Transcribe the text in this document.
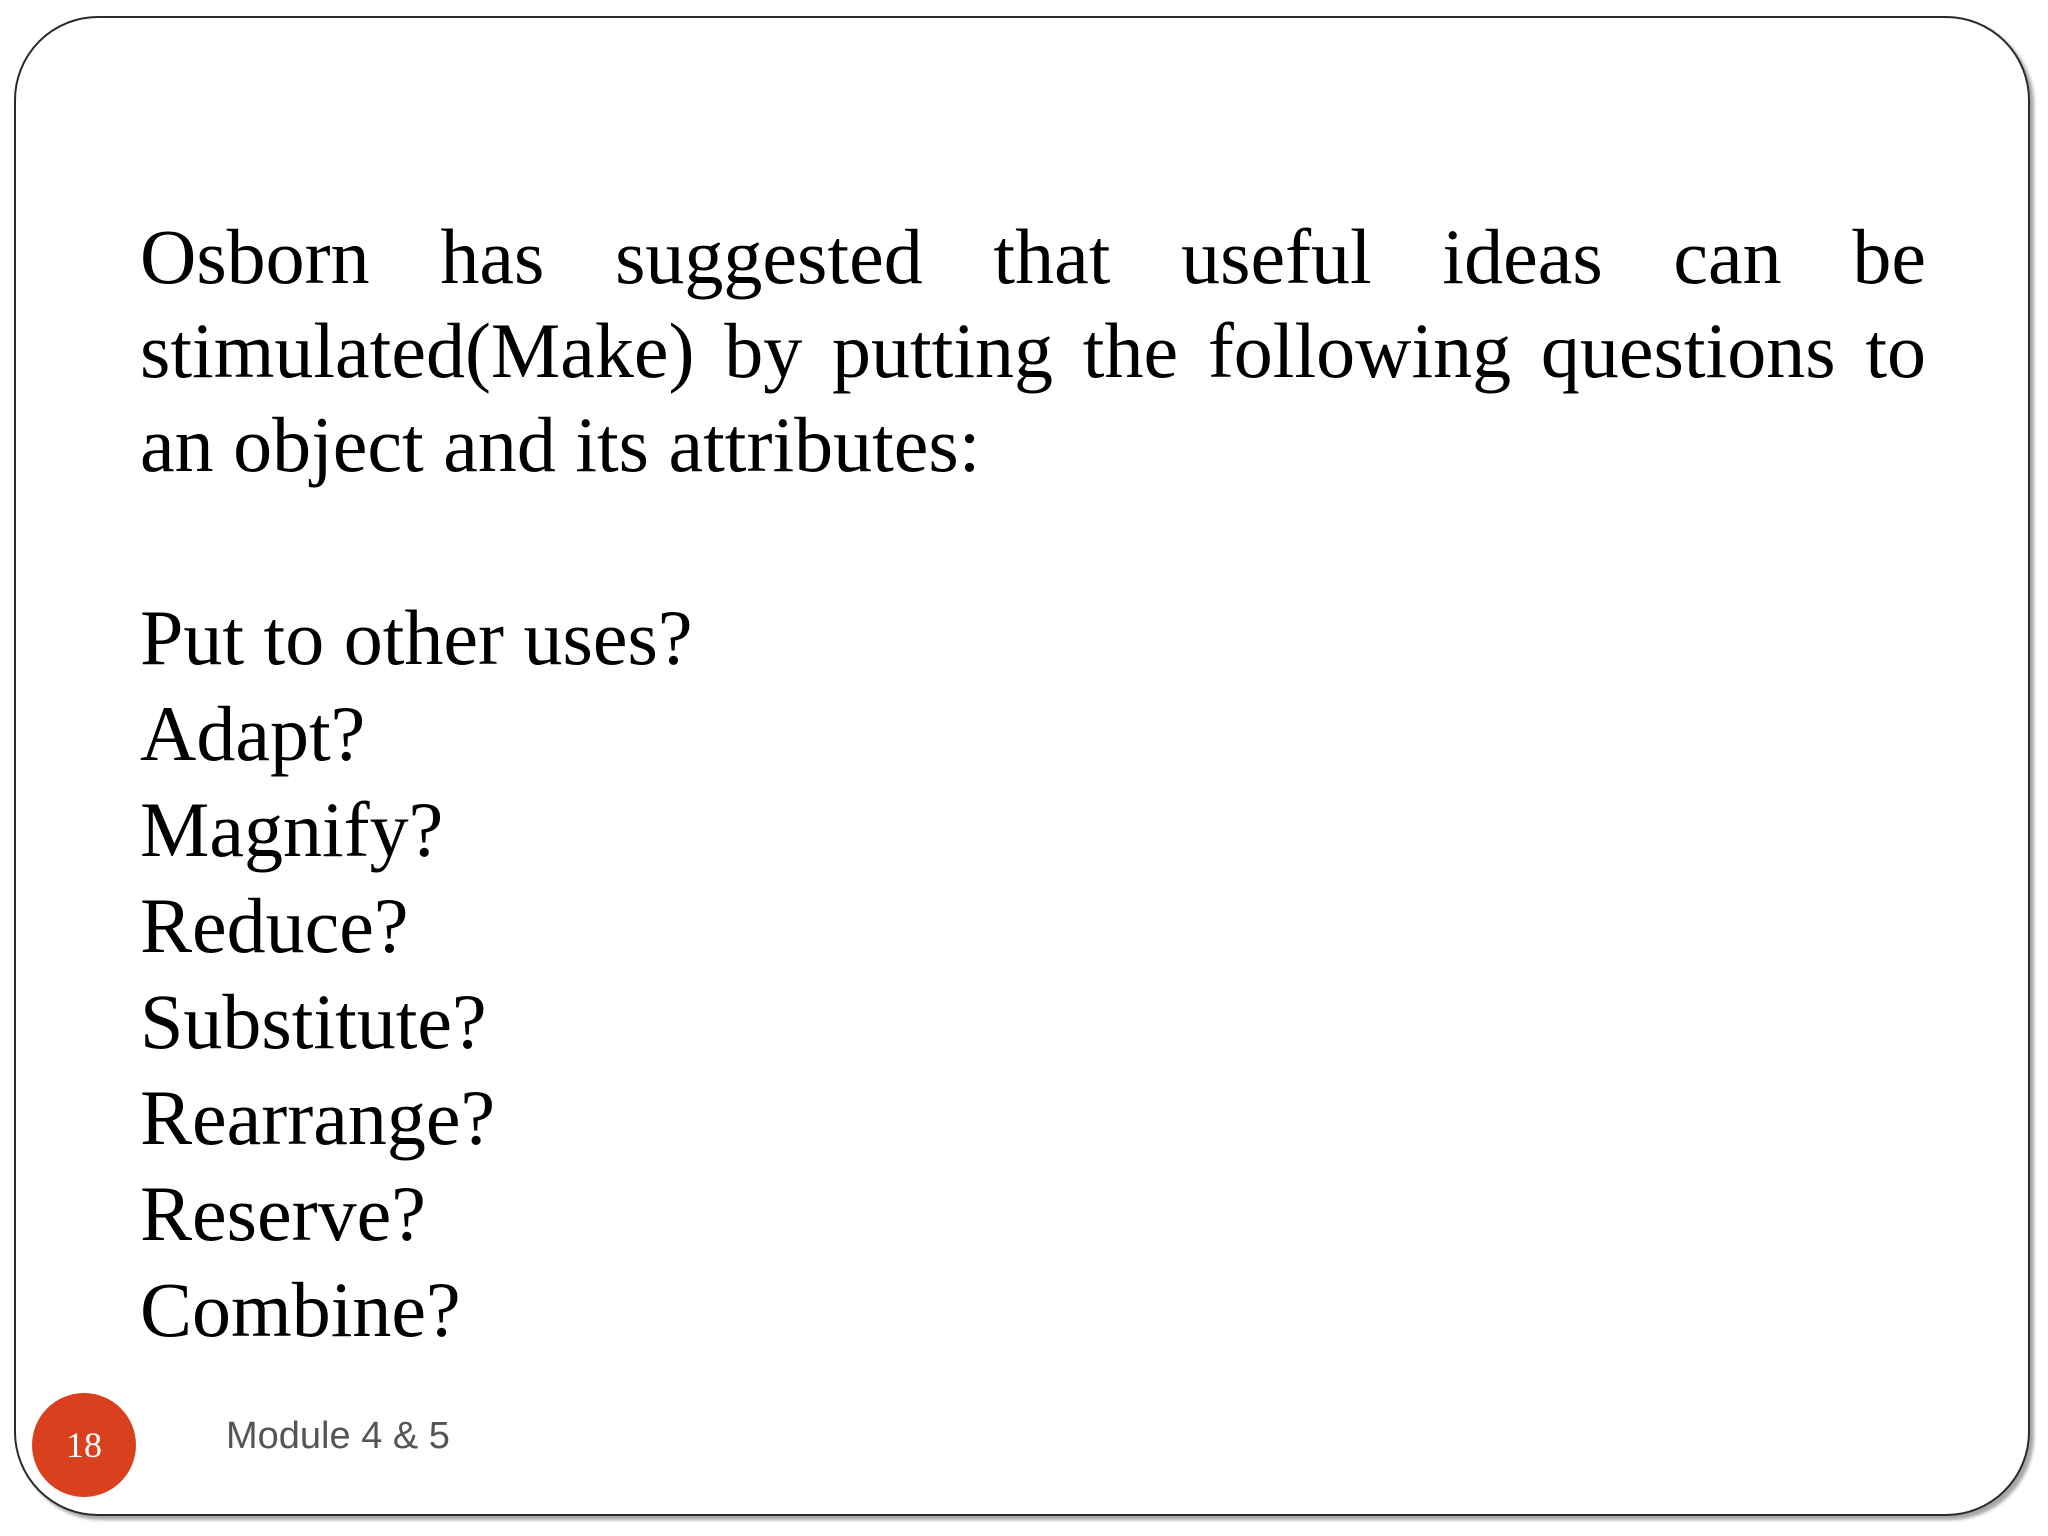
Osborn has suggested that useful ideas can be stimulated(Make) by putting the following questions to an object and its attributes:

Put to other uses?
Adapt?
Magnify?
Reduce?
Substitute?
Rearrange?
Reserve?
Combine?
18	Module 4 & 5
